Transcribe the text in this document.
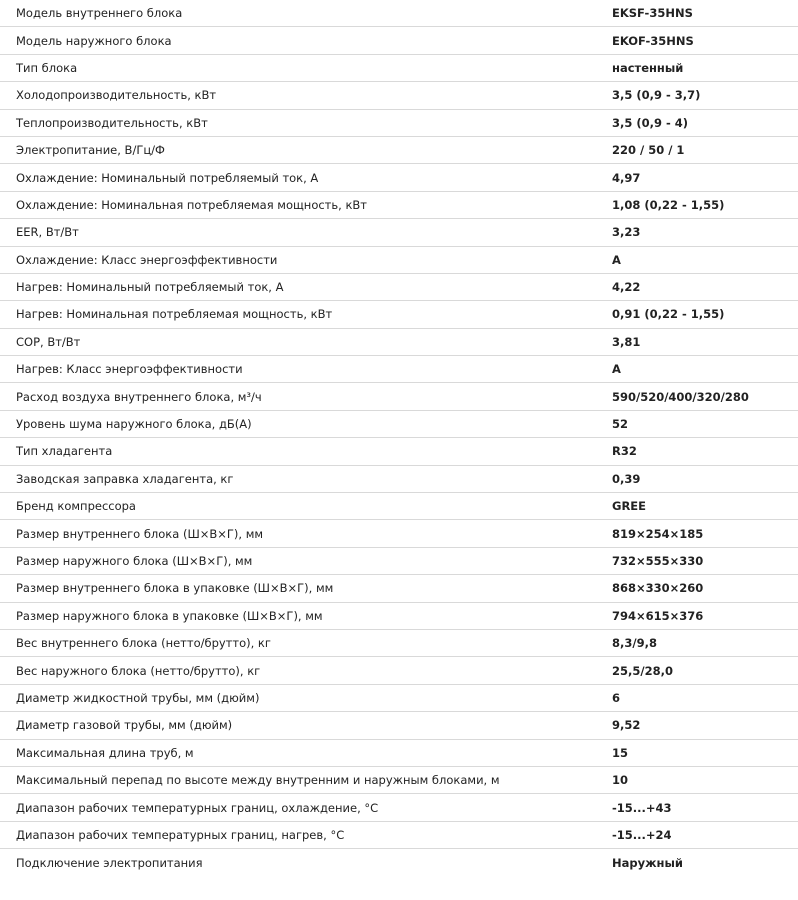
Модель внутреннего блока	EKSF-35HNS
Модель наружного блока	EKOF-35HNS
Тип блока	настенный
Холодопроизводительность, кВт	3,5 (0,9 - 3,7)
Теплопроизводительность, кВт	3,5 (0,9 - 4)
Электропитание, В/Гц/Ф	220 / 50 / 1
Охлаждение: Номинальный потребляемый ток, А	4,97
Охлаждение: Номинальная потребляемая мощность, кВт	1,08 (0,22 - 1,55)
EER, Вт/Вт	3,23
Охлаждение: Класс энергоэффективности	A
Нагрев: Номинальный потребляемый ток, А	4,22
Нагрев: Номинальная потребляемая мощность, кВт	0,91 (0,22 - 1,55)
COP, Вт/Вт	3,81
Нагрев: Класс энергоэффективности	A
Расход воздуха внутреннего блока, м³/ч	590/520/400/320/280
Уровень шума наружного блока, дБ(А)	52
Тип хладагента	R32
Заводская заправка хладагента, кг	0,39
Бренд компрессора	GREE
Размер внутреннего блока (Ш×В×Г), мм	819×254×185
Размер наружного блока (Ш×В×Г), мм	732×555×330
Размер внутреннего блока в упаковке (Ш×В×Г), мм	868×330×260
Размер наружного блока в упаковке (Ш×В×Г), мм	794×615×376
Вес внутреннего блока (нетто/брутто), кг	8,3/9,8
Вес наружного блока (нетто/брутто), кг	25,5/28,0
Диаметр жидкостной трубы, мм (дюйм)	6
Диаметр газовой трубы, мм (дюйм)	9,52
Максимальная длина труб, м	15
Максимальный перепад по высоте между внутренним и наружным блоками, м	10
Диапазон рабочих температурных границ, охлаждение, °С	-15...+43
Диапазон рабочих температурных границ, нагрев, °С	-15...+24
Подключение электропитания	Наружный
